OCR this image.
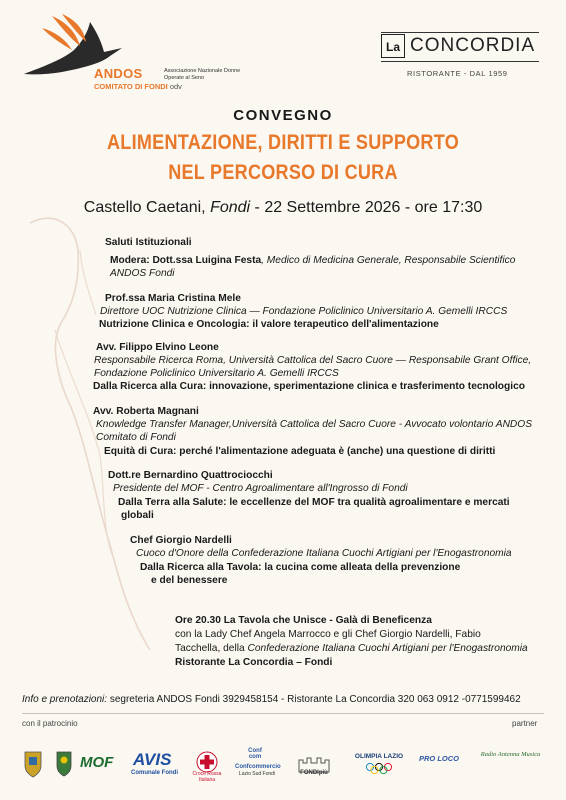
ANDOS	Associazione Nazionale Donne Operate al Seno
COMITATO DI FONDI odv
La CONCORDIA
RISTORANTE - DAL 1959
CONVEGNO
ALIMENTAZIONE, DIRITTI E SUPPORTO
NEL PERCORSO DI CURA
Castello Caetani, Fondi - 22 Settembre 2026 - ore 17:30
Saluti Istituzionali
Modera: Dott.ssa Luigina Festa, Medico di Medicina Generale, Responsabile Scientifico
ANDOS Fondi
Prof.ssa Maria Cristina Mele
Direttore UOC Nutrizione Clinica — Fondazione Policlinico Universitario A. Gemelli IRCCS
Nutrizione Clinica e Oncologia: il valore terapeutico dell'alimentazione
Avv. Filippo Elvino Leone
Responsabile Ricerca Roma, Università Cattolica del Sacro Cuore — Responsabile Grant Office,
Fondazione Policlinico Universitario A. Gemelli IRCCS
Dalla Ricerca alla Cura: innovazione, sperimentazione clinica e trasferimento tecnologico
Avv. Roberta Magnani
Knowledge Transfer Manager,Università Cattolica del Sacro Cuore - Avvocato volontario ANDOS
Comitato di Fondi
Equità di Cura: perché l'alimentazione adeguata è (anche) una questione di diritti
Dott.re Bernardino Quattrociocchi
Presidente del MOF - Centro Agroalimentare all'Ingrosso di Fondi
Dalla Terra alla Salute: le eccellenze del MOF tra qualità agroalimentare e mercati
globali
Chef Giorgio Nardelli
Cuoco d'Onore della Confederazione Italiana Cuochi Artigiani per l'Enogastronomia
Dalla Ricerca alla Tavola: la cucina come alleata della prevenzione
e del benessere
Ore 20.30 La Tavola che Unisce - Galà di Beneficenza
con la Lady Chef Angela Marrocco e gli Chef Giorgio Nardelli, Fabio
Tacchella, della Confederazione Italiana Cuochi Artigiani per l'Enogastronomia
Ristorante La Concordia – Fondi
Info e prenotazioni: segreteria ANDOS Fondi 3929458154 - Ristorante La Concordia 320 063 0912 -0771599462
con il patrocinio	partner
MOF AVIS
Comunale Fondi	Croce Rossa Italiana
Conf com
Confcommercio
Lazio Sud Fondi	FONDIpiù
OLIMPIA LAZIO	PRO LOCO	Radio Antenna Musica
